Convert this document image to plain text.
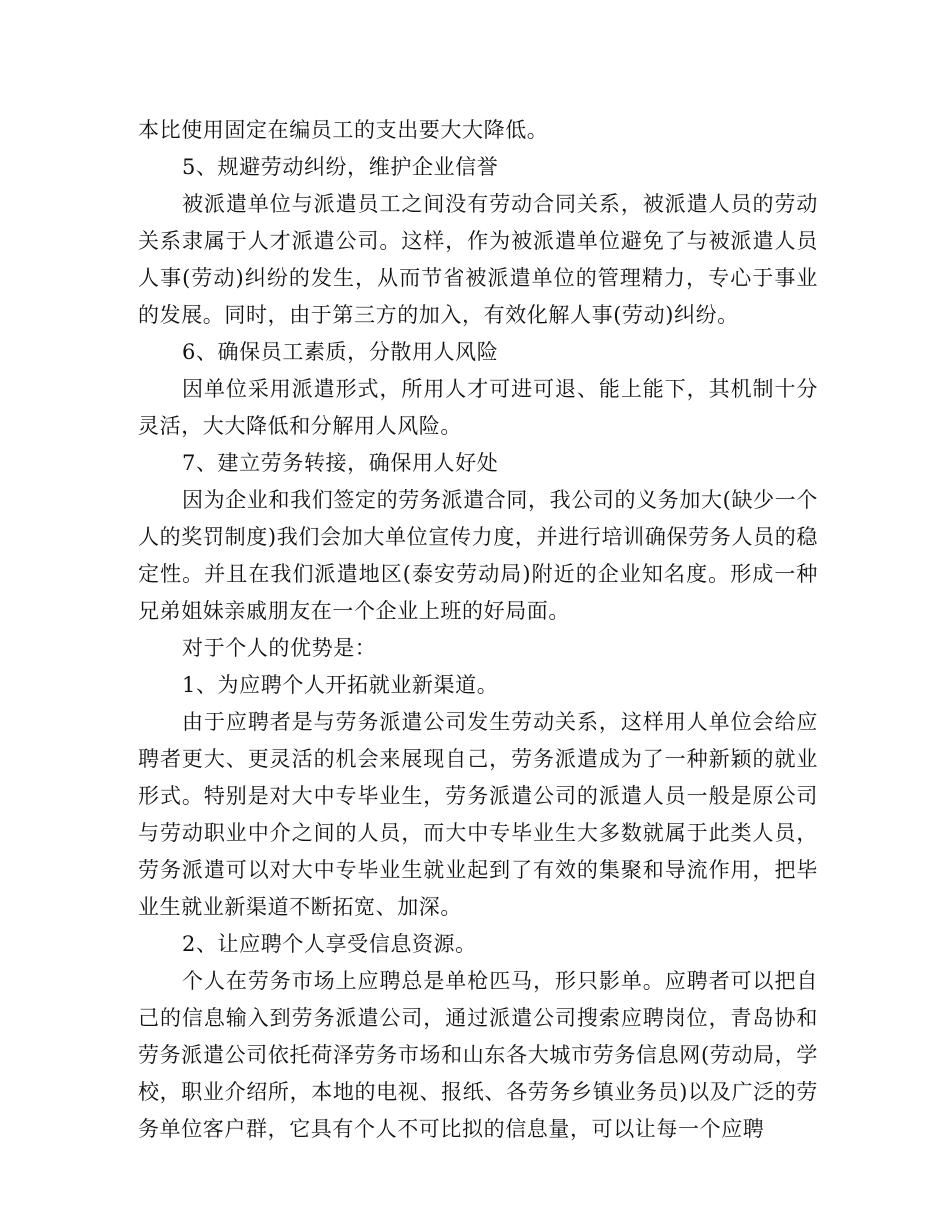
本比使用固定在编员工的支出要大大降低。

5、规避劳动纠纷，维护企业信誉

被派遣单位与派遣员工之间没有劳动合同关系，被派遣人员的劳动关系隶属于人才派遣公司。这样，作为被派遣单位避免了与被派遣人员人事(劳动)纠纷的发生，从而节省被派遣单位的管理精力，专心于事业的发展。同时，由于第三方的加入，有效化解人事(劳动)纠纷。

6、确保员工素质，分散用人风险

因单位采用派遣形式，所用人才可进可退、能上能下，其机制十分灵活，大大降低和分解用人风险。

7、建立劳务转接，确保用人好处

因为企业和我们签定的劳务派遣合同，我公司的义务加大(缺少一个人的奖罚制度)我们会加大单位宣传力度，并进行培训确保劳务人员的稳定性。并且在我们派遣地区(泰安劳动局)附近的企业知名度。形成一种兄弟姐妹亲戚朋友在一个企业上班的好局面。

对于个人的优势是：

1、为应聘个人开拓就业新渠道。

由于应聘者是与劳务派遣公司发生劳动关系，这样用人单位会给应聘者更大、更灵活的机会来展现自己，劳务派遣成为了一种新颖的就业形式。特别是对大中专毕业生，劳务派遣公司的派遣人员一般是原公司与劳动职业中介之间的人员，而大中专毕业生大多数就属于此类人员，劳务派遣可以对大中专毕业生就业起到了有效的集聚和导流作用，把毕业生就业新渠道不断拓宽、加深。

2、让应聘个人享受信息资源。

个人在劳务市场上应聘总是单枪匹马，形只影单。应聘者可以把自己的信息输入到劳务派遣公司，通过派遣公司搜索应聘岗位，青岛协和劳务派遣公司依托荷泽劳务市场和山东各大城市劳务信息网(劳动局，学校，职业介绍所，本地的电视、报纸、各劳务乡镇业务员)以及广泛的劳务单位客户群，它具有个人不可比拟的信息量，可以让每一个应聘
